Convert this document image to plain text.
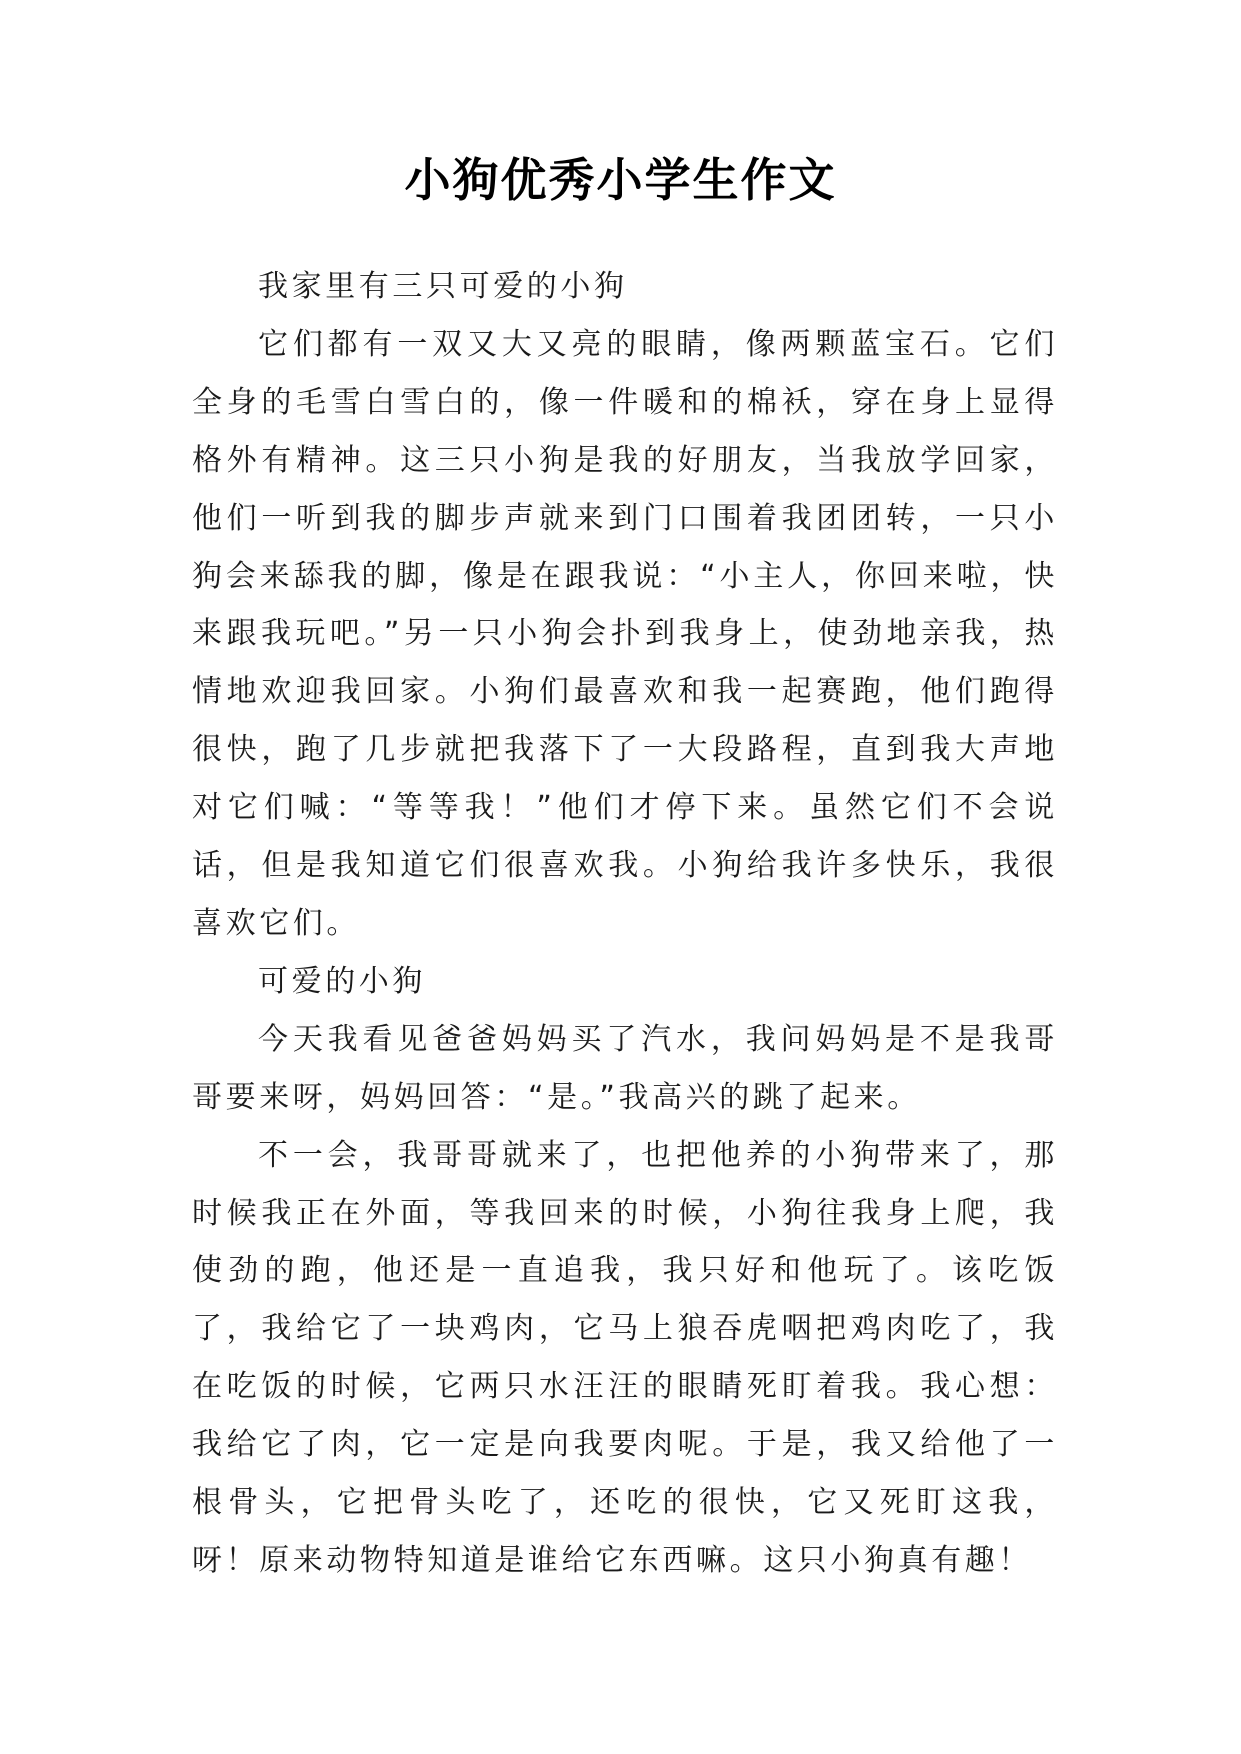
小狗优秀小学生作文

我家里有三只可爱的小狗

它们都有一双又大又亮的眼睛，像两颗蓝宝石。它们全身的毛雪白雪白的，像一件暖和的棉袄，穿在身上显得格外有精神。这三只小狗是我的好朋友，当我放学回家，他们一听到我的脚步声就来到门口围着我团团转，一只小狗会来舔我的脚，像是在跟我说：“小主人，你回来啦，快来跟我玩吧。”另一只小狗会扑到我身上，使劲地亲我，热情地欢迎我回家。小狗们最喜欢和我一起赛跑，他们跑得很快，跑了几步就把我落下了一大段路程，直到我大声地对它们喊：“等等我！”他们才停下来。虽然它们不会说话，但是我知道它们很喜欢我。小狗给我许多快乐，我很喜欢它们。

可爱的小狗

今天我看见爸爸妈妈买了汽水，我问妈妈是不是我哥哥要来呀，妈妈回答：“是。”我高兴的跳了起来。

不一会，我哥哥就来了，也把他养的小狗带来了，那时候我正在外面，等我回来的时候，小狗往我身上爬，我使劲的跑，他还是一直追我，我只好和他玩了。该吃饭了，我给它了一块鸡肉，它马上狼吞虎咽把鸡肉吃了，我在吃饭的时候，它两只水汪汪的眼睛死盯着我。我心想：我给它了肉，它一定是向我要肉呢。于是，我又给他了一根骨头，它把骨头吃了，还吃的很快，它又死盯这我，呀！原来动物特知道是谁给它东西嘛。这只小狗真有趣！
